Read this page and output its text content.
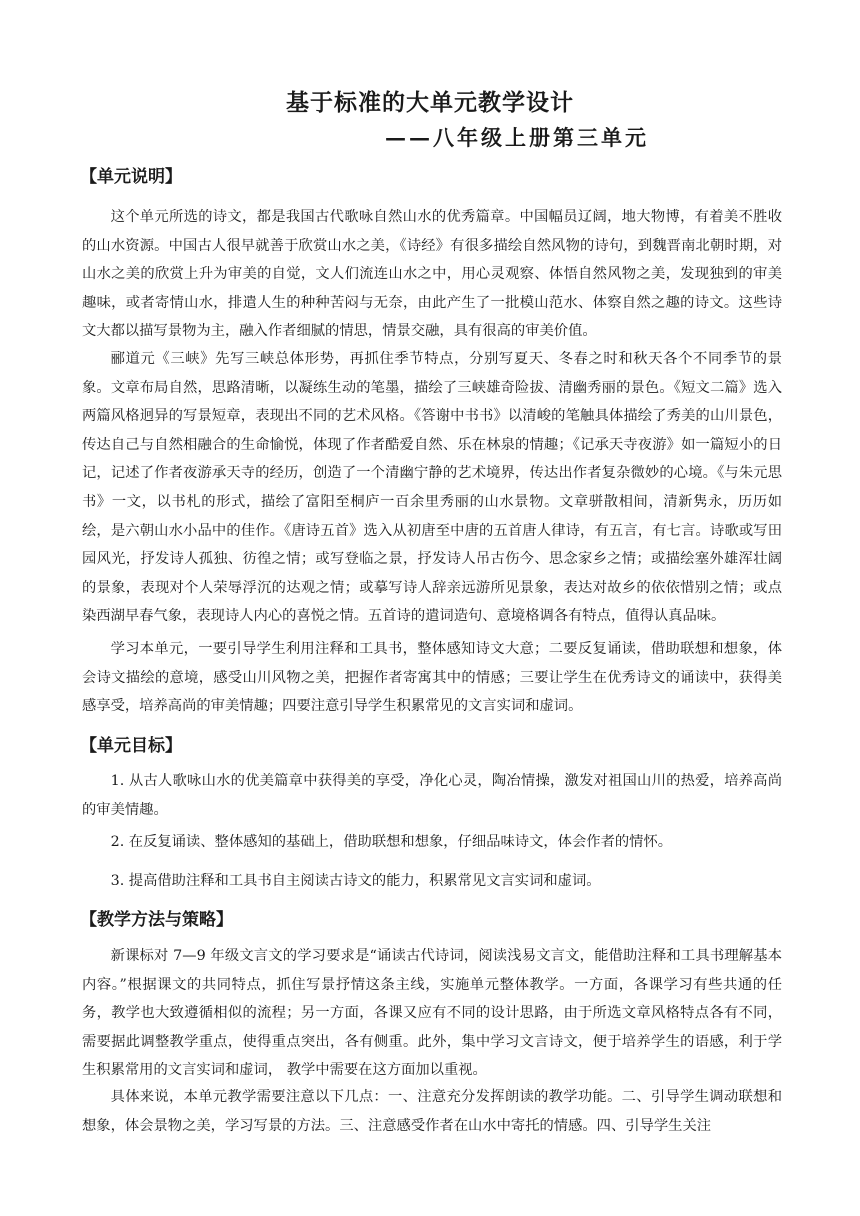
基于标准的大单元教学设计
——八年级上册第三单元
【单元说明】

这个单元所选的诗文，都是我国古代歌咏自然山水的优秀篇章。中国幅员辽阔，地大物博，有着美不胜收的山水资源。中国古人很早就善于欣赏山水之美，《诗经》有很多描绘自然风物的诗句，到魏晋南北朝时期，对山水之美的欣赏上升为审美的自觉，文人们流连山水之中，用心灵观察、体悟自然风物之美，发现独到的审美趣味，或者寄情山水，排遣人生的种种苦闷与无奈，由此产生了一批模山范水、体察自然之趣的诗文。这些诗文大都以描写景物为主，融入作者细腻的情思，情景交融，具有很高的审美价值。

郦道元《三峡》先写三峡总体形势，再抓住季节特点，分别写夏天、冬春之时和秋天各个不同季节的景象。文章布局自然，思路清晰，以凝练生动的笔墨，描绘了三峡雄奇险拔、清幽秀丽的景色。《短文二篇》选入两篇风格迥异的写景短章，表现出不同的艺术风格。《答谢中书书》以清峻的笔触具体描绘了秀美的山川景色，传达自己与自然相融合的生命愉悦，体现了作者酷爱自然、乐在林泉的情趣；《记承天寺夜游》如一篇短小的日记，记述了作者夜游承天寺的经历，创造了一个清幽宁静的艺术境界，传达出作者复杂微妙的心境。《与朱元思书》一文，以书札的形式，描绘了富阳至桐庐一百余里秀丽的山水景物。文章骈散相间，清新隽永，历历如绘，是六朝山水小品中的佳作。《唐诗五首》选入从初唐至中唐的五首唐人律诗，有五言，有七言。诗歌或写田园风光，抒发诗人孤独、彷徨之情；或写登临之景，抒发诗人吊古伤今、思念家乡之情；或描绘塞外雄浑壮阔的景象，表现对个人荣辱浮沉的达观之情；或摹写诗人辞亲远游所见景象，表达对故乡的依依惜别之情；或点染西湖早春气象，表现诗人内心的喜悦之情。五首诗的遣词造句、意境格调各有特点，值得认真品味。

学习本单元，一要引导学生利用注释和工具书，整体感知诗文大意；二要反复诵读，借助联想和想象，体会诗文描绘的意境，感受山川风物之美，把握作者寄寓其中的情感；三要让学生在优秀诗文的诵读中，获得美感享受，培养高尚的审美情趣；四要注意引导学生积累常见的文言实词和虚词。

【单元目标】

1. 从古人歌咏山水的优美篇章中获得美的享受，净化心灵，陶冶情操，激发对祖国山川的热爱，培养高尚的审美情趣。

2. 在反复诵读、整体感知的基础上，借助联想和想象，仔细品味诗文，体会作者的情怀。

3. 提高借助注释和工具书自主阅读古诗文的能力，积累常见文言实词和虚词。

【教学方法与策略】

新课标对 7—9 年级文言文的学习要求是“诵读古代诗词，阅读浅易文言文，能借助注释和工具书理解基本内容。”根据课文的共同特点，抓住写景抒情这条主线，实施单元整体教学。一方面，各课学习有些共通的任务，教学也大致遵循相似的流程；另一方面，各课又应有不同的设计思路，由于所选文章风格特点各有不同，需要据此调整教学重点，使得重点突出，各有侧重。此外，集中学习文言诗文，便于培养学生的语感，利于学生积累常用的文言实词和虚词， 教学中需要在这方面加以重视。

具体来说，本单元教学需要注意以下几点：一、注意充分发挥朗读的教学功能。二、引导学生调动联想和想象，体会景物之美，学习写景的方法。三、注意感受作者在山水中寄托的情感。四、引导学生关注
